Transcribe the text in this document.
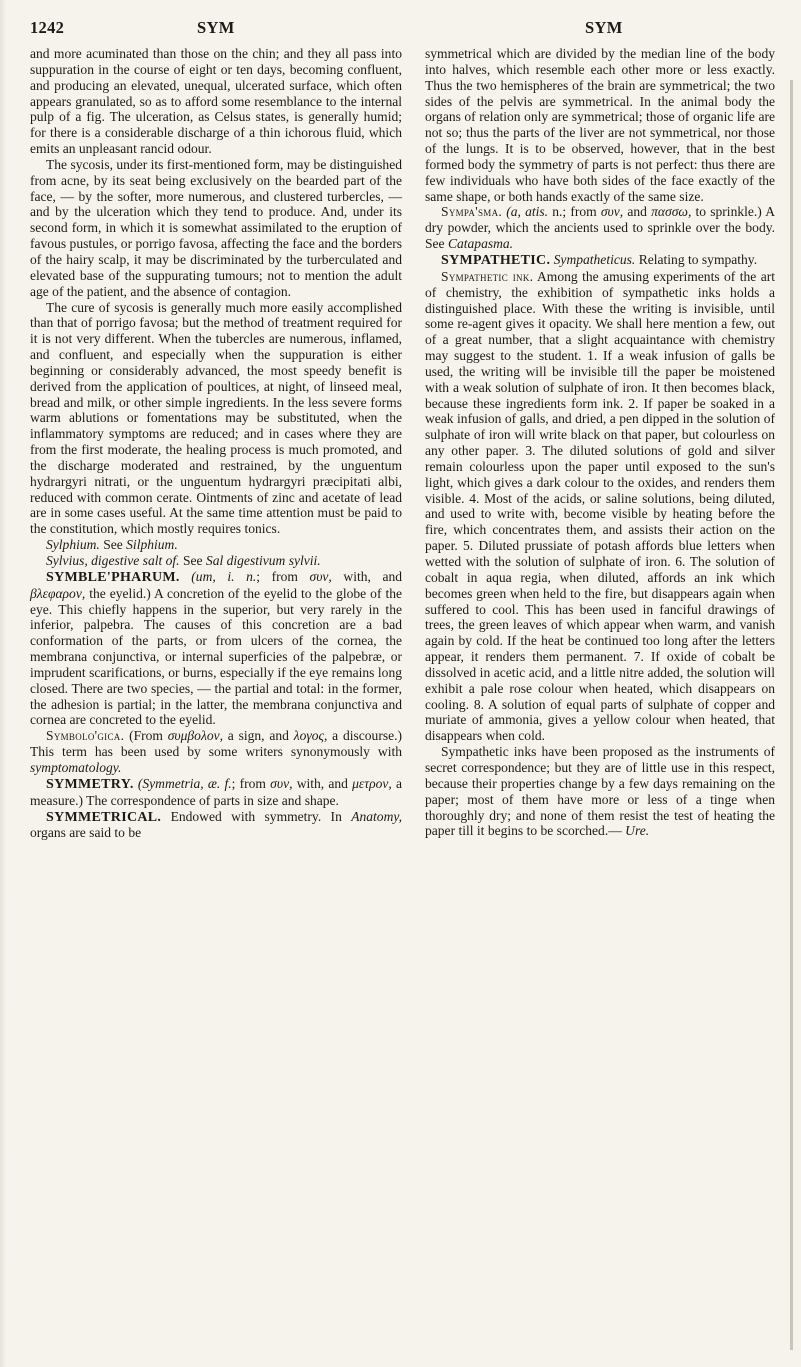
1242	SYM	SYM

and more acuminated than those on the chin; and they all pass into suppuration in the course of eight or ten days, becoming confluent, and producing an elevated, unequal, ulcerated surface, which often appears granulated, so as to afford some resemblance to the internal pulp of a fig. The ulceration, as Celsus states, is generally humid; for there is a considerable discharge of a thin ichorous fluid, which emits an unpleasant rancid odour.

The sycosis, under its first-mentioned form, may be distinguished from acne, by its seat being exclusively on the bearded part of the face, — by the softer, more numerous, and clustered turbercles, — and by the ulceration which they tend to produce. And, under its second form, in which it is somewhat assimilated to the eruption of favous pustules, or porrigo favosa, affecting the face and the borders of the hairy scalp, it may be discriminated by the turberculated and elevated base of the suppurating tumours; not to mention the adult age of the patient, and the absence of contagion.

The cure of sycosis is generally much more easily accomplished than that of porrigo favosa; but the method of treatment required for it is not very different. When the tubercles are numerous, inflamed, and confluent, and especially when the suppuration is either beginning or considerably advanced, the most speedy benefit is derived from the application of poultices, at night, of linseed meal, bread and milk, or other simple ingredients. In the less severe forms warm ablutions or fomentations may be substituted, when the inflammatory symptoms are reduced; and in cases where they are from the first moderate, the healing process is much promoted, and the discharge moderated and restrained, by the unguentum hydrargyri nitrati, or the unguentum hydrargyri præcipitati albi, reduced with common cerate. Ointments of zinc and acetate of lead are in some cases useful. At the same time attention must be paid to the constitution, which mostly requires tonics.

Sylphium. See Silphium.

Sylvius, digestive salt of. See Sal digestivum sylvii.

SYMBLE'PHARUM. (um, i. n.; from συν, with, and βλεφαρον, the eyelid.) A concretion of the eyelid to the globe of the eye. This chiefly happens in the superior, but very rarely in the inferior, palpebra. The causes of this concretion are a bad conformation of the parts, or from ulcers of the cornea, the membrana conjunctiva, or internal superficies of the palpebræ, or imprudent scarifications, or burns, especially if the eye remains long closed. There are two species, — the partial and total: in the former, the adhesion is partial; in the latter, the membrana conjunctiva and cornea are concreted to the eyelid.

Symbolo'gica. (From συμβολον, a sign, and λογος, a discourse.) This term has been used by some writers synonymously with symptomatology.

SYMMETRY. (Symmetria, æ. f.; from συν, with, and μετρον, a measure.) The correspondence of parts in size and shape.

SYMMETRICAL. Endowed with symmetry. In Anatomy, organs are said to be

symmetrical which are divided by the median line of the body into halves, which resemble each other more or less exactly. Thus the two hemispheres of the brain are symmetrical; the two sides of the pelvis are symmetrical. In the animal body the organs of relation only are symmetrical; those of organic life are not so; thus the parts of the liver are not symmetrical, nor those of the lungs. It is to be observed, however, that in the best formed body the symmetry of parts is not perfect: thus there are few individuals who have both sides of the face exactly of the same shape, or both hands exactly of the same size.

Sympa'sma. (a, atis. n.; from συν, and πασσω, to sprinkle.) A dry powder, which the ancients used to sprinkle over the body. See Catapasma.

SYMPATHETIC. Sympatheticus. Relating to sympathy.

Sympathetic ink. Among the amusing experiments of the art of chemistry, the exhibition of sympathetic inks holds a distinguished place. With these the writing is invisible, until some re-agent gives it opacity. We shall here mention a few, out of a great number, that a slight acquaintance with chemistry may suggest to the student. 1. If a weak infusion of galls be used, the writing will be invisible till the paper be moistened with a weak solution of sulphate of iron. It then becomes black, because these ingredients form ink. 2. If paper be soaked in a weak infusion of galls, and dried, a pen dipped in the solution of sulphate of iron will write black on that paper, but colourless on any other paper. 3. The diluted solutions of gold and silver remain colourless upon the paper until exposed to the sun's light, which gives a dark colour to the oxides, and renders them visible. 4. Most of the acids, or saline solutions, being diluted, and used to write with, become visible by heating before the fire, which concentrates them, and assists their action on the paper. 5. Diluted prussiate of potash affords blue letters when wetted with the solution of sulphate of iron. 6. The solution of cobalt in aqua regia, when diluted, affords an ink which becomes green when held to the fire, but disappears again when suffered to cool. This has been used in fanciful drawings of trees, the green leaves of which appear when warm, and vanish again by cold. If the heat be continued too long after the letters appear, it renders them permanent. 7. If oxide of cobalt be dissolved in acetic acid, and a little nitre added, the solution will exhibit a pale rose colour when heated, which disappears on cooling. 8. A solution of equal parts of sulphate of copper and muriate of ammonia, gives a yellow colour when heated, that disappears when cold.

Sympathetic inks have been proposed as the instruments of secret correspondence; but they are of little use in this respect, because their properties change by a few days remaining on the paper; most of them have more or less of a tinge when thoroughly dry; and none of them resist the test of heating the paper till it begins to be scorched.— Ure.
